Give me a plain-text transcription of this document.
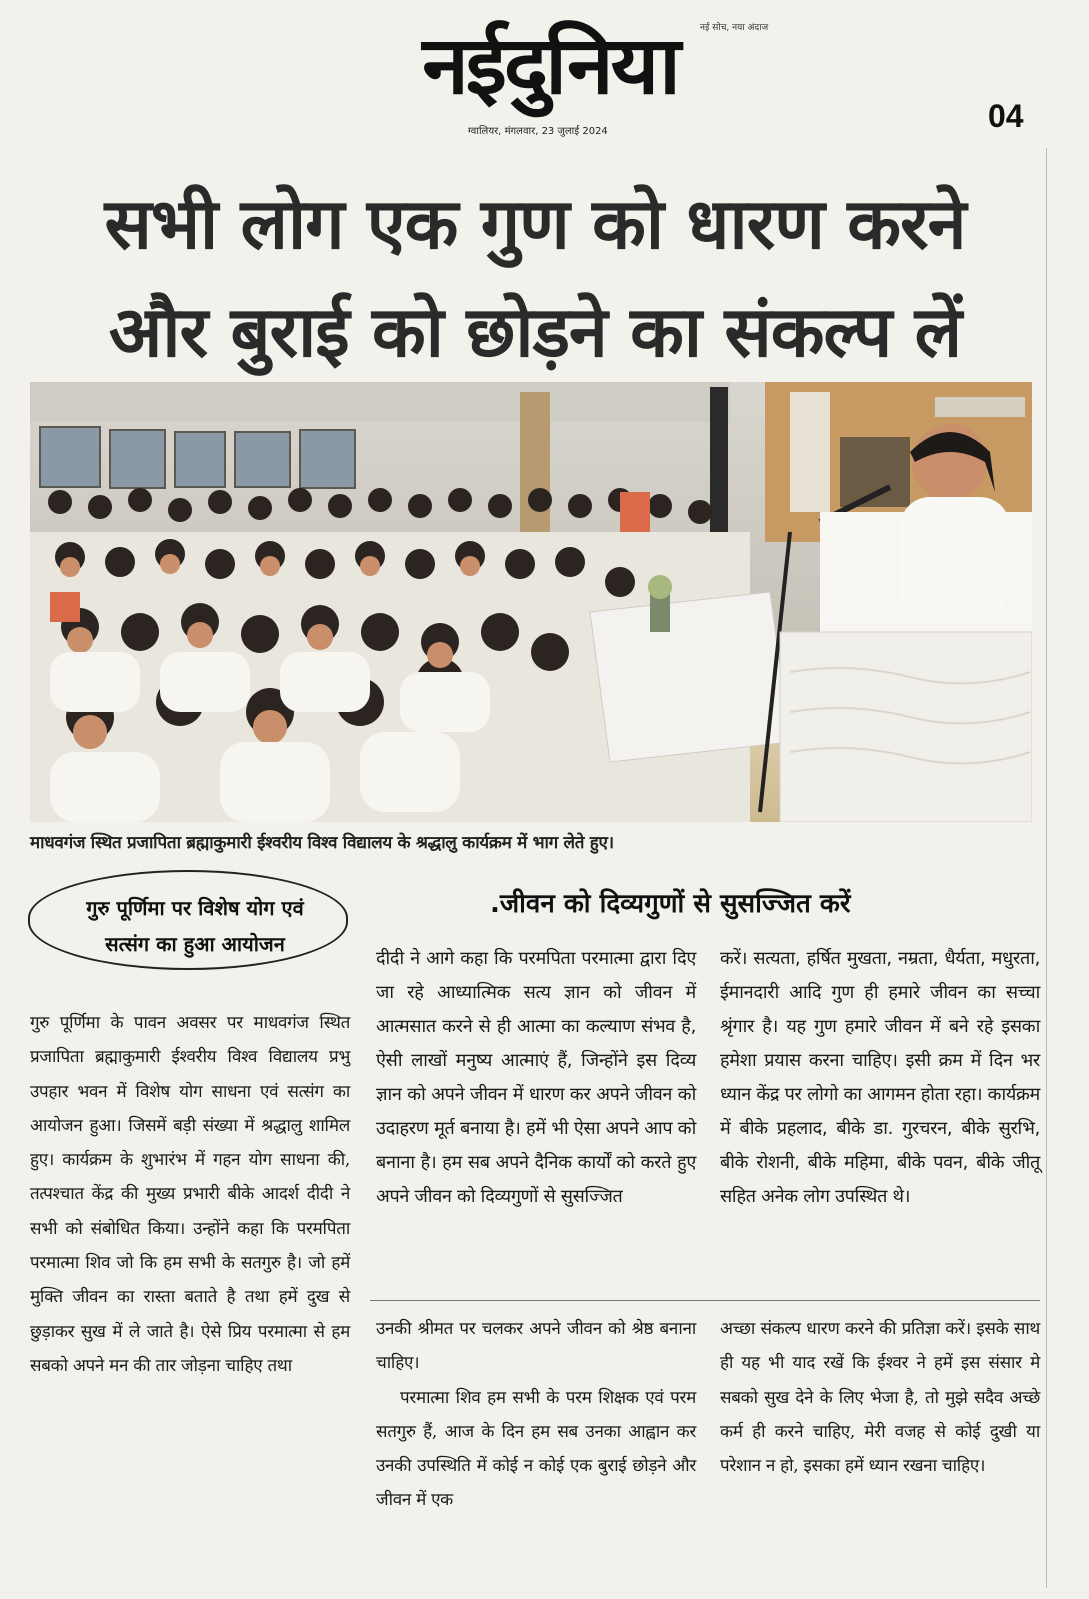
नईदुनिया	नई सोच, नया अंदाज
ग्वालियर, मंगलवार, 23 जुलाई 2024	04
सभी लोग एक गुण को धारण करने
और बुराई को छोड़ने का संकल्प लें
माधवगंज स्थित प्रजापिता ब्रह्माकुमारी ईश्वरीय विश्व विद्यालय के श्रद्धालु कार्यक्रम में भाग लेते हुए।
गुरु पूर्णिमा पर विशेष योग एवं
सत्संग का हुआ आयोजन
.जीवन को दिव्यगुणों से सुसज्जित करें
गुरु पूर्णिमा के पावन अवसर पर माधवगंज स्थित प्रजापिता ब्रह्माकुमारी ईश्वरीय विश्व विद्यालय प्रभु उपहार भवन में विशेष योग साधना एवं सत्संग का आयोजन हुआ। जिसमें बड़ी संख्या में श्रद्धालु शामिल हुए। कार्यक्रम के शुभारंभ में गहन योग साधना की, तत्पश्चात केंद्र की मुख्य प्रभारी बीके आदर्श दीदी ने सभी को संबोधित किया। उन्होंने कहा कि परमपिता परमात्मा शिव जो कि हम सभी के सतगुरु है। जो हमें मुक्ति जीवन का रास्ता बताते है तथा हमें दुख से छुड़ाकर सुख में ले जाते है। ऐसे प्रिय परमात्मा से हम सबको अपने मन की तार जोड़ना चाहिए तथा
दीदी ने आगे कहा कि परमपिता परमात्मा द्वारा दिए जा रहे आध्यात्मिक सत्य ज्ञान को जीवन में आत्मसात करने से ही आत्मा का कल्याण संभव है, ऐसी लाखों मनुष्य आत्माएं हैं, जिन्होंने इस दिव्य ज्ञान को अपने जीवन में धारण कर अपने जीवन को उदाहरण मूर्त बनाया है। हमें भी ऐसा अपने आप को बनाना है। हम सब अपने दैनिक कार्यों को करते हुए अपने जीवन को दिव्यगुणों से सुसज्जित
करें। सत्यता, हर्षित मुखता, नम्रता, धैर्यता, मधुरता, ईमानदारी आदि गुण ही हमारे जीवन का सच्चा श्रृंगार है। यह गुण हमारे जीवन में बने रहे इसका हमेशा प्रयास करना चाहिए। इसी क्रम में दिन भर ध्यान केंद्र पर लोगो का आगमन होता रहा। कार्यक्रम में बीके प्रहलाद, बीके डा. गुरचरन, बीके सुरभि, बीके रोशनी, बीके महिमा, बीके पवन, बीके जीतू सहित अनेक लोग उपस्थित थे।

उनकी श्रीमत पर चलकर अपने जीवन को श्रेष्ठ बनाना चाहिए।

परमात्मा शिव हम सभी के परम शिक्षक एवं परम सतगुरु हैं, आज के दिन हम सब उनका आह्वान कर उनकी उपस्थिति में कोई न कोई एक बुराई छोड़ने और जीवन में एक

अच्छा संकल्प धारण करने की प्रतिज्ञा करें। इसके साथ ही यह भी याद रखें कि ईश्वर ने हमें इस संसार मे सबको सुख देने के लिए भेजा है, तो मुझे सदैव अच्छे कर्म ही करने चाहिए, मेरी वजह से कोई दुखी या परेशान न हो, इसका हमें ध्यान रखना चाहिए।
